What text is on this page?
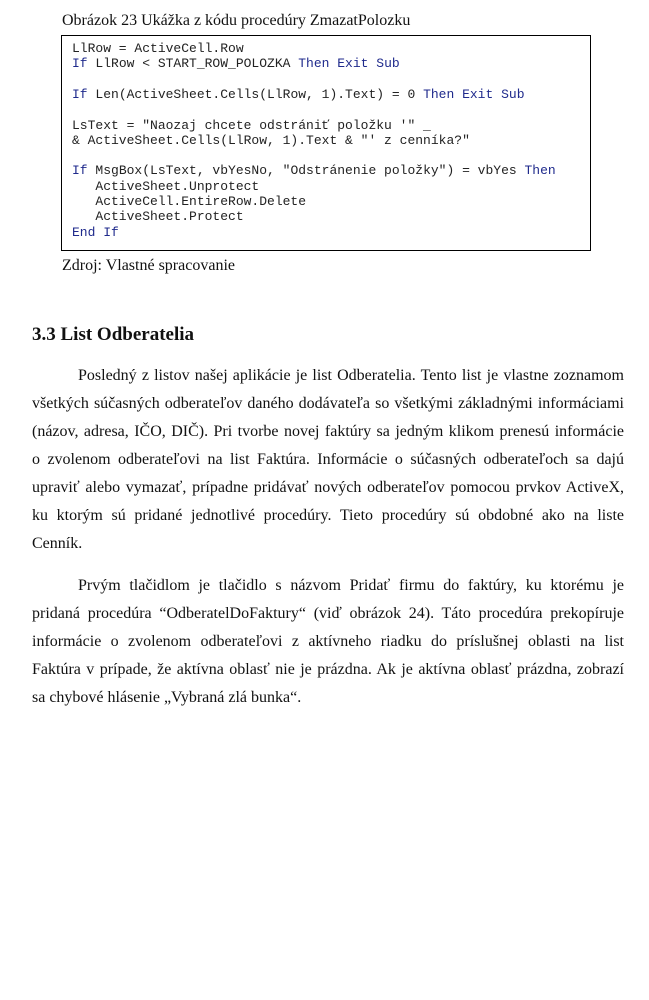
Obrázok 23 Ukážka z kódu procedúry ZmazatPolozku
LlRow = ActiveCell.Row
If LlRow < START_ROW_POLOZKA Then Exit Sub
If Len(ActiveSheet.Cells(LlRow, 1).Text) = 0 Then Exit Sub
LsText = "Naozaj chcete odstrániť položku '" _
& ActiveSheet.Cells(LlRow, 1).Text & "' z cenníka?"
If MsgBox(LsText, vbYesNo, "Odstránenie položky") = vbYes Then
ActiveSheet.Unprotect
ActiveCell.EntireRow.Delete
ActiveSheet.Protect
End If
Zdroj: Vlastné spracovanie
3.3 List Odberatelia
Posledný z listov našej aplikácie je list Odberatelia. Tento list je vlastne zoznamom
všetkých súčasných odberateľov daného dodávateľa so všetkými základnými informáciami
(názov, adresa, IČO, DIČ). Pri tvorbe novej faktúry sa jedným klikom prenesú informácie
o zvolenom odberateľovi na list Faktúra. Informácie o súčasných odberateľoch sa dajú
upraviť alebo vymazať, prípadne pridávať nových odberateľov pomocou prvkov ActiveX,
ku ktorým sú pridané jednotlivé procedúry. Tieto procedúry sú obdobné ako na liste
Cenník.
Prvým tlačidlom je tlačidlo s názvom Pridať firmu do faktúry, ku ktorému je
pridaná procedúra “OdberatelDoFaktury“ (viď obrázok 24). Táto procedúra prekopíruje
informácie o zvolenom odberateľovi z aktívneho riadku do príslušnej oblasti na list
Faktúra v prípade, že aktívna oblasť nie je prázdna. Ak je aktívna oblasť prázdna, zobrazí
sa chybové hlásenie „Vybraná zlá bunka“.
